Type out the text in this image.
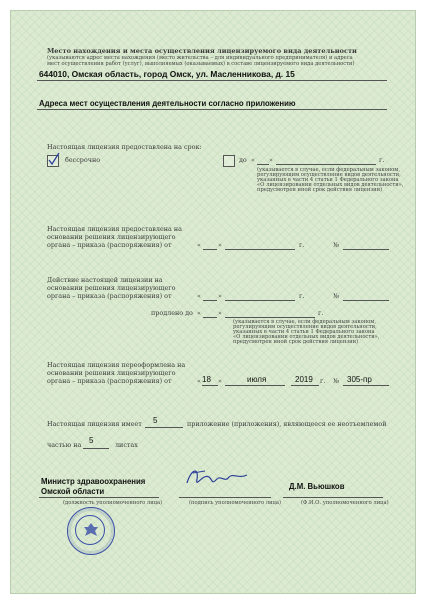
Место нахождения и места осуществления лицензируемого вида деятельности
(указываются адрес места нахождения (место жительства – для индивидуального предпринимателя) и адреса
мест осуществления работ (услуг), выполняемых (оказываемых) в составе лицензируемого вида деятельности)
644010, Омская область, город Омск, ул. Масленникова, д. 15
Адреса мест осуществления деятельности согласно приложению
Настоящая лицензия предоставлена на срок:
бессрочно	до « »	г.
(указывается в случае, если федеральным законом,
регулирующим осуществление видов деятельности,
указанных в части 4 статьи 1 Федерального закона
«О лицензировании отдельных видов деятельности»,
предусмотрен иной срок действия лицензии)
Настоящая лицензия предоставлена на
основании решения лицензирующего
органа – приказа (распоряжения) от	«	»	г.	№
Действие настоящей лицензии на
основании решения лицензирующего
органа – приказа (распоряжения) от	«	»	г.	№
продлено до «	»	г.
(указывается в случае, если федеральным законом,
регулирующим осуществление видов деятельности,
указанных в части 4 статьи 1 Федерального закона
«О лицензировании отдельных видов деятельности»,
предусмотрен иной срок действия лицензии)
Настоящая лицензия переоформлена на
основании решения лицензирующего
органа – приказа (распоряжения) от	« 18 »	июля	2019 г. № 305-пр
Настоящая лицензия имеет 5	приложение (приложения), являющееся ее неотъемлемой
частью на 5	листах
Министр здравоохранения
Омской области
(должность уполномоченного лица)	(подпись уполномоченного лица)
Д.М. Вьюшков
(Ф.И.О. уполномоченного лица)
